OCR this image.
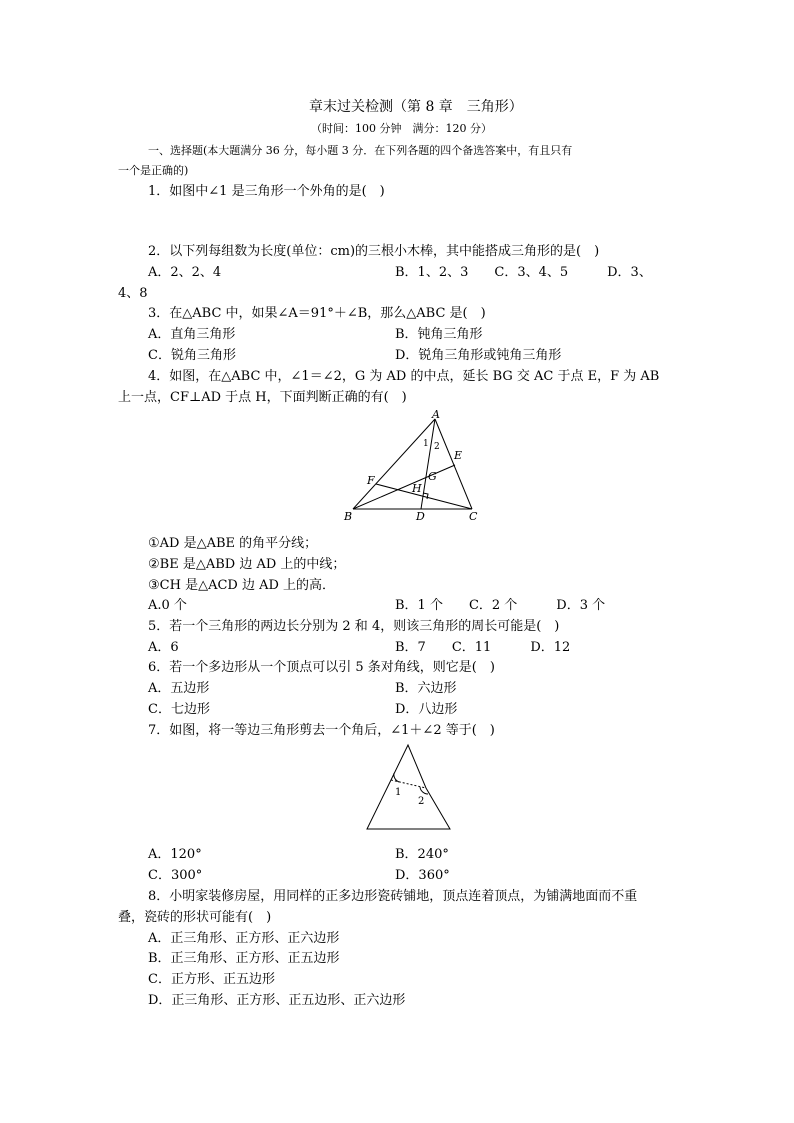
章末过关检测（第 8 章　三角形）
（时间：100 分钟　满分：120 分）
一、选择题(本大题满分 36 分，每小题 3 分．在下列各题的四个备选答案中，有且只有
一个是正确的)
1．如图中∠1 是三角形一个外角的是(　)
2．以下列每组数为长度(单位：cm)的三根小木棒，其中能搭成三角形的是(　)
A．2、2、4	B．1、2、3　　C．3、4、5　　　D．3、
4、8
3．在△ABC 中，如果∠A＝91°＋∠B，那么△ABC 是(　)
A．直角三角形	B．钝角三角形
C．锐角三角形	D．锐角三角形或钝角三角形
4．如图，在△ABC 中，∠1＝∠2，G 为 AD 的中点，延长 BG 交 AC 于点 E，F 为 AB
上一点，CF⊥AD 于点 H，下面判断正确的有(　)
A
B	C
D
E
F	G
H
1 2
①AD 是△ABE 的角平分线；
②BE 是△ABD 边 AD 上的中线；
③CH 是△ACD 边 AD 上的高．
A.0 个	B．1 个　　C．2 个　　　D．3 个
5．若一个三角形的两边长分别为 2 和 4，则该三角形的周长可能是(　)
A．6	B．7　　C．11　　　D．12
6．若一个多边形从一个顶点可以引 5 条对角线，则它是(　)
A．五边形	B．六边形
C．七边形	D．八边形
7．如图，将一等边三角形剪去一个角后，∠1＋∠2 等于(　)
1
2
A．120°	B．240°
C．300°	D．360°
8．小明家装修房屋，用同样的正多边形瓷砖铺地，顶点连着顶点，为铺满地面而不重
叠，瓷砖的形状可能有(　)
A．正三角形、正方形、正六边形
B．正三角形、正方形、正五边形
C．正方形、正五边形
D．正三角形、正方形、正五边形、正六边形
